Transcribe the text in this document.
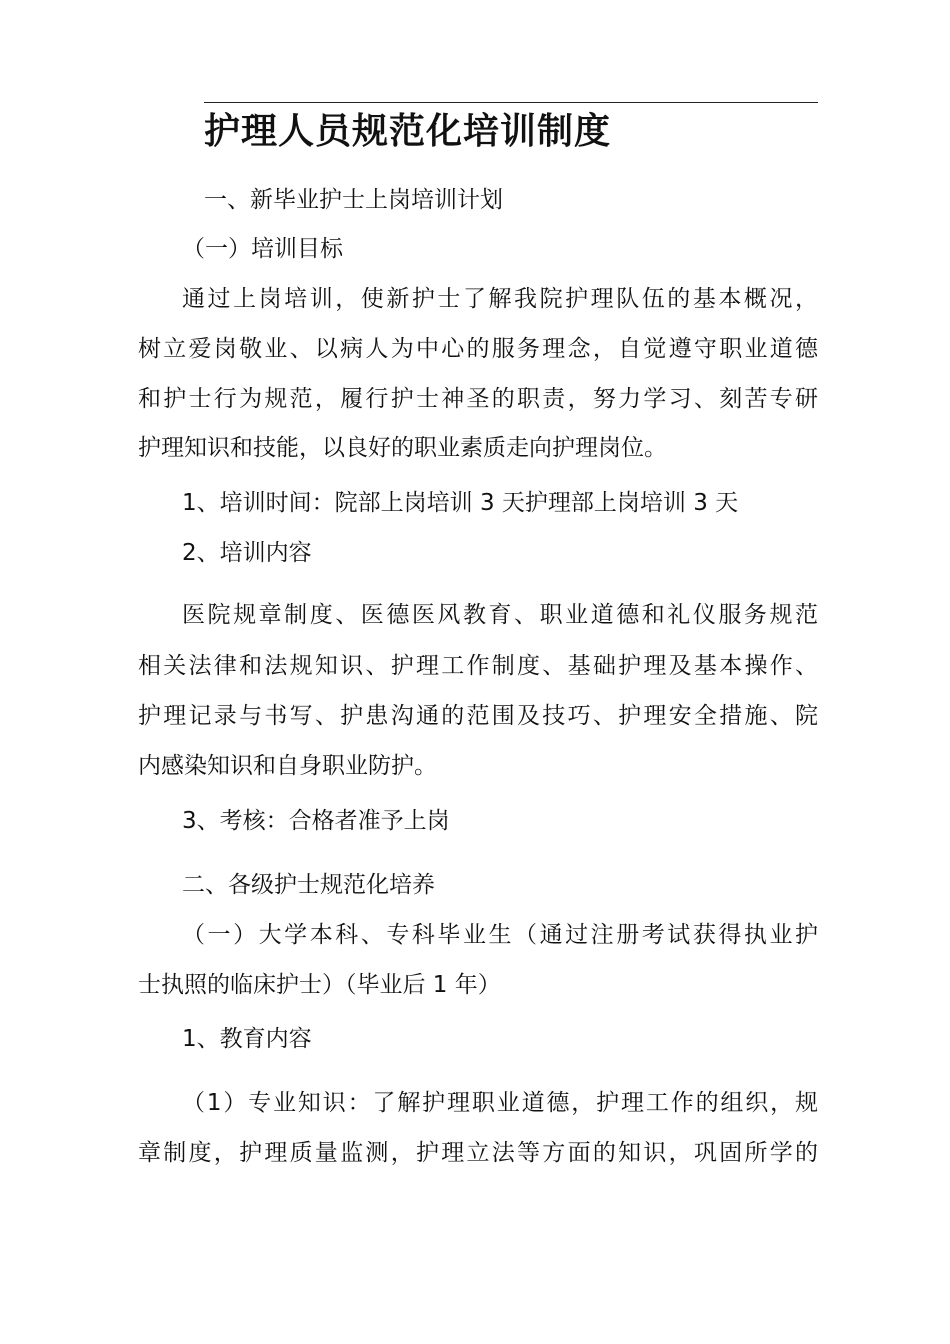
护理人员规范化培训制度
一、新毕业护士上岗培训计划
（一）培训目标
通过上岗培训，使新护士了解我院护理队伍的基本概况，
树立爱岗敬业、以病人为中心的服务理念，自觉遵守职业道德
和护士行为规范，履行护士神圣的职责，努力学习、刻苦专研
护理知识和技能，以良好的职业素质走向护理岗位。
1、培训时间：院部上岗培训 3 天护理部上岗培训 3 天
2、培训内容
医院规章制度、医德医风教育、职业道德和礼仪服务规范
相关法律和法规知识、护理工作制度、基础护理及基本操作、
护理记录与书写、护患沟通的范围及技巧、护理安全措施、院
内感染知识和自身职业防护。
3、考核：合格者准予上岗
二、各级护士规范化培养
（一）大学本科、专科毕业生（通过注册考试获得执业护
士执照的临床护士）（毕业后 1 年）
1、教育内容
（1）专业知识：了解护理职业道德，护理工作的组织，规
章制度，护理质量监测，护理立法等方面的知识，巩固所学的
